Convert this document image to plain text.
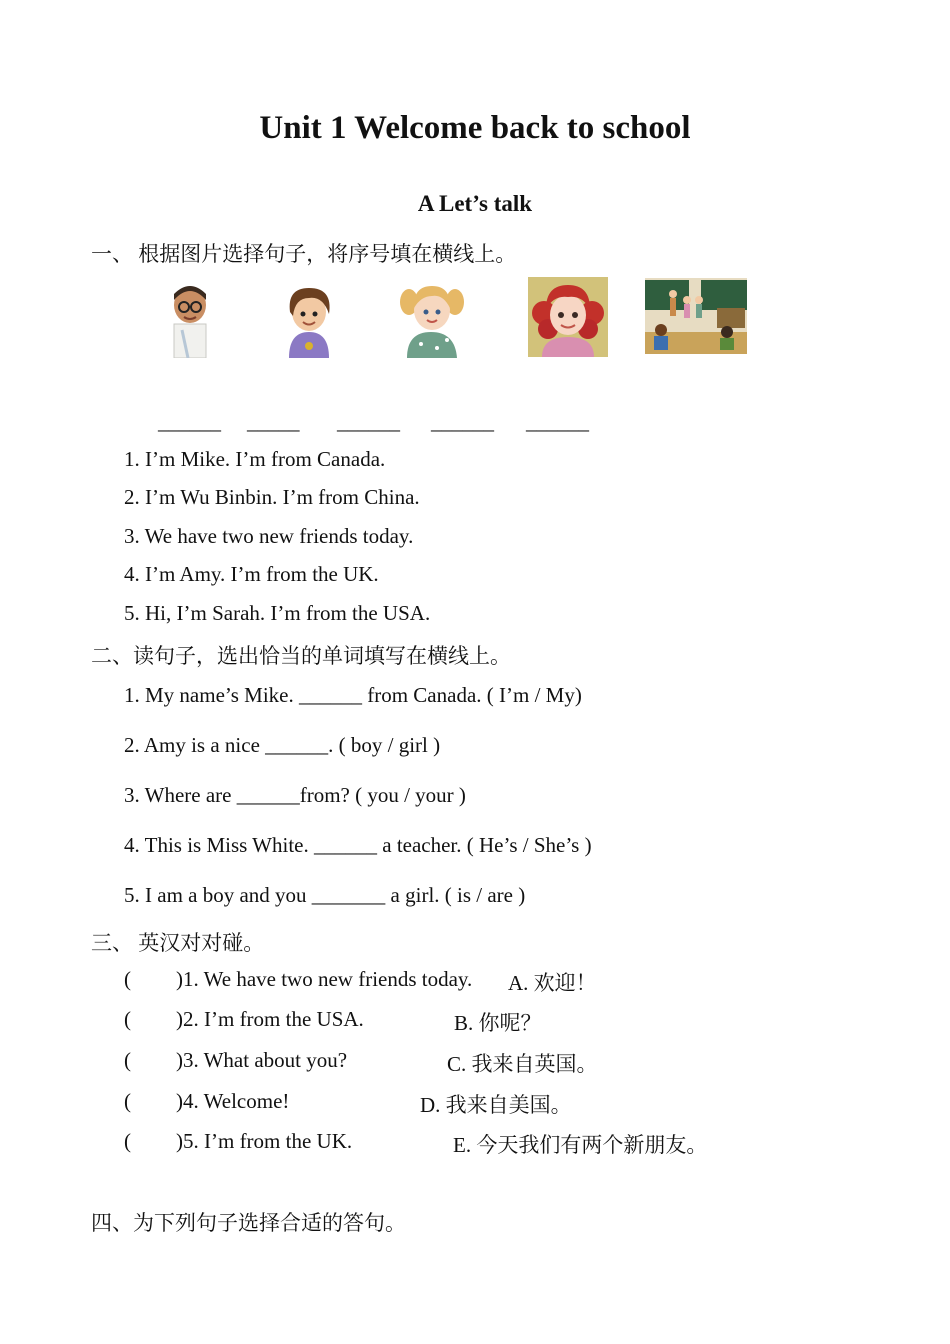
Unit 1 Welcome back to school
A Let’s talk
一、 根据图片选择句子，将序号填在横线上。
______ _____ ______ ______ ______
1. I’m Mike. I’m from Canada.
2. I’m Wu Binbin. I’m from China.
3. We have two new friends today.
4. I’m Amy. I’m from the UK.
5. Hi, I’m Sarah. I’m from the USA.
二、读句子，选出恰当的单词填写在横线上。
1. My name’s Mike. ______ from Canada. ( I’m / My)
2. Amy is a nice ______. ( boy / girl )
3. Where are ______from? ( you / your )
4. This is Miss White. ______ a teacher. ( He’s / She’s )
5. I am a boy and you _______ a girl. ( is / are )
三、 英汉对对碰。
( )1. We have two new friends today. A. 欢迎！
( )2. I’m from the USA.	B. 你呢？
( )3. What about you?	C. 我来自英国。
( )4. Welcome!	D. 我来自美国。
( )5. I’m from the UK.	E. 今天我们有两个新朋友。
四、为下列句子选择合适的答句。
